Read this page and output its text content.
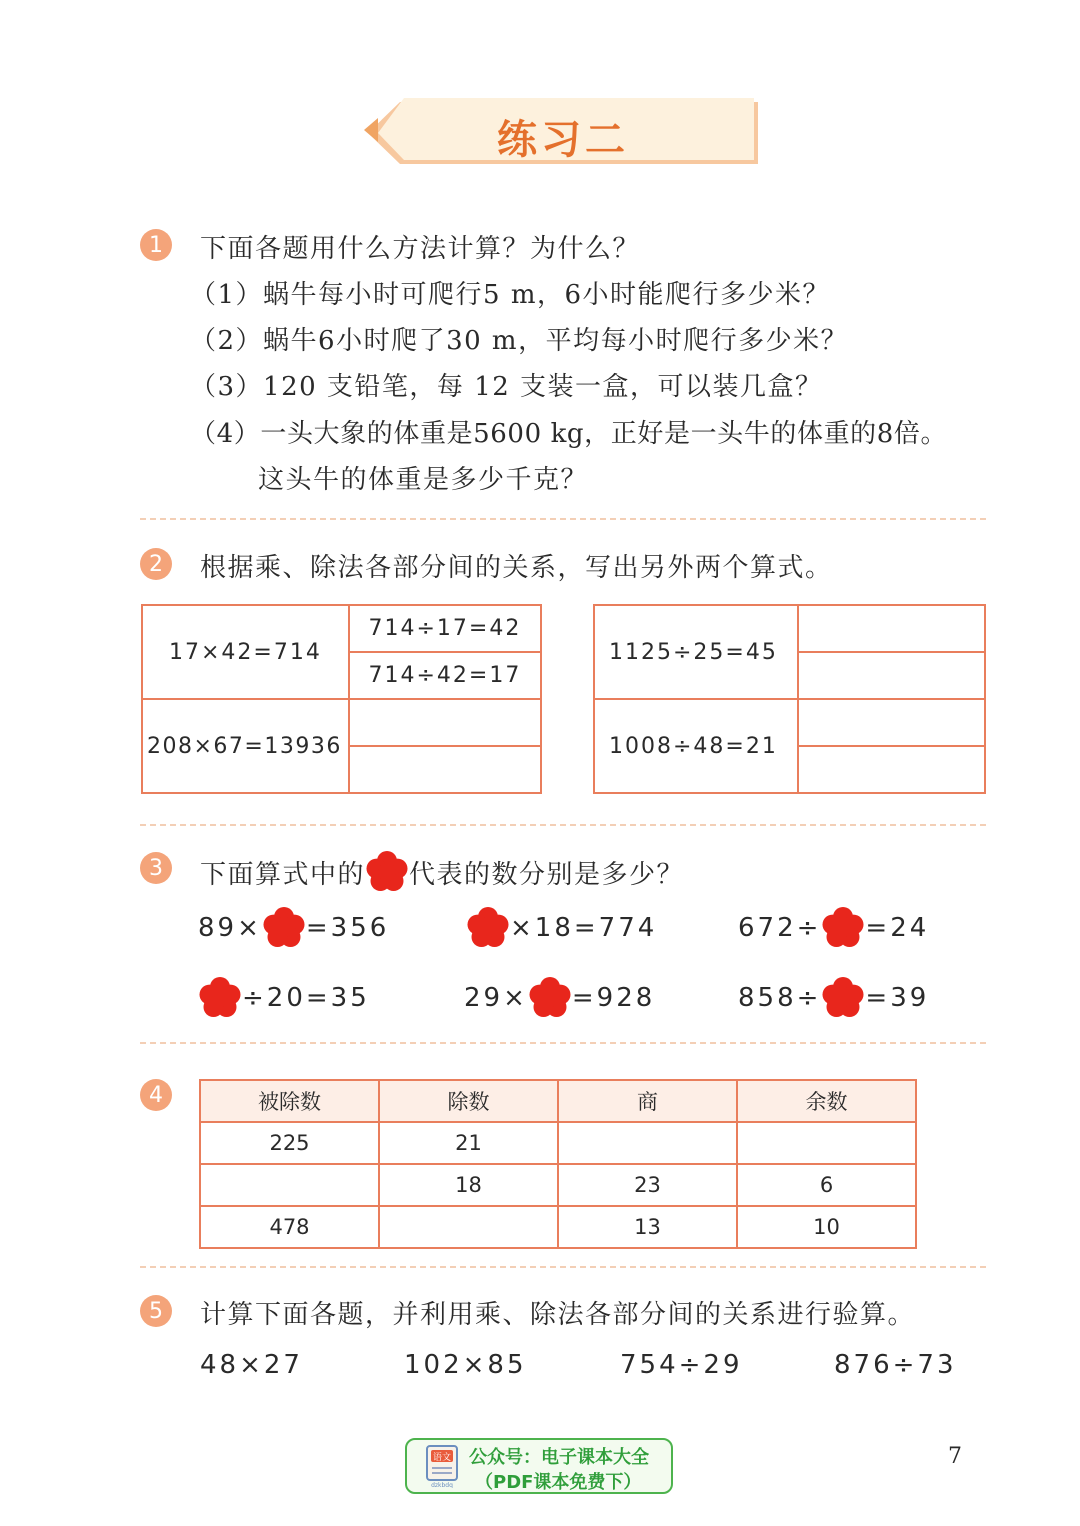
练习二
1	下面各题用什么方法计算？为什么？
（1）蜗牛每小时可爬行5 m，6小时能爬行多少米？
（2）蜗牛6小时爬了30 m，平均每小时爬行多少米？
（3）120 支铅笔，每 12 支装一盒，可以装几盒？
（4）一头大象的体重是5600 kg，正好是一头牛的体重的8倍。
这头牛的体重是多少千克？
2	根据乘、除法各部分间的关系，写出另外两个算式。
17×42=714	714÷17=42
	714÷42=17
208×67=13936	

1125÷25=45	

1008÷48=21	

3	下面算式中的 代表的数分别是多少？
89× =356	×18=774	672÷ =24
÷20=35	29× =928	858÷ =39
4	被除数	除数	商	余数
225	21		
	18	23	6
478		13	10
5	计算下面各题，并利用乘、除法各部分间的关系进行验算。
48×27	102×85	754÷29	876÷73
语文
dzkbdq
公众号：电子课本大全
（PDF课本免费下）
7
